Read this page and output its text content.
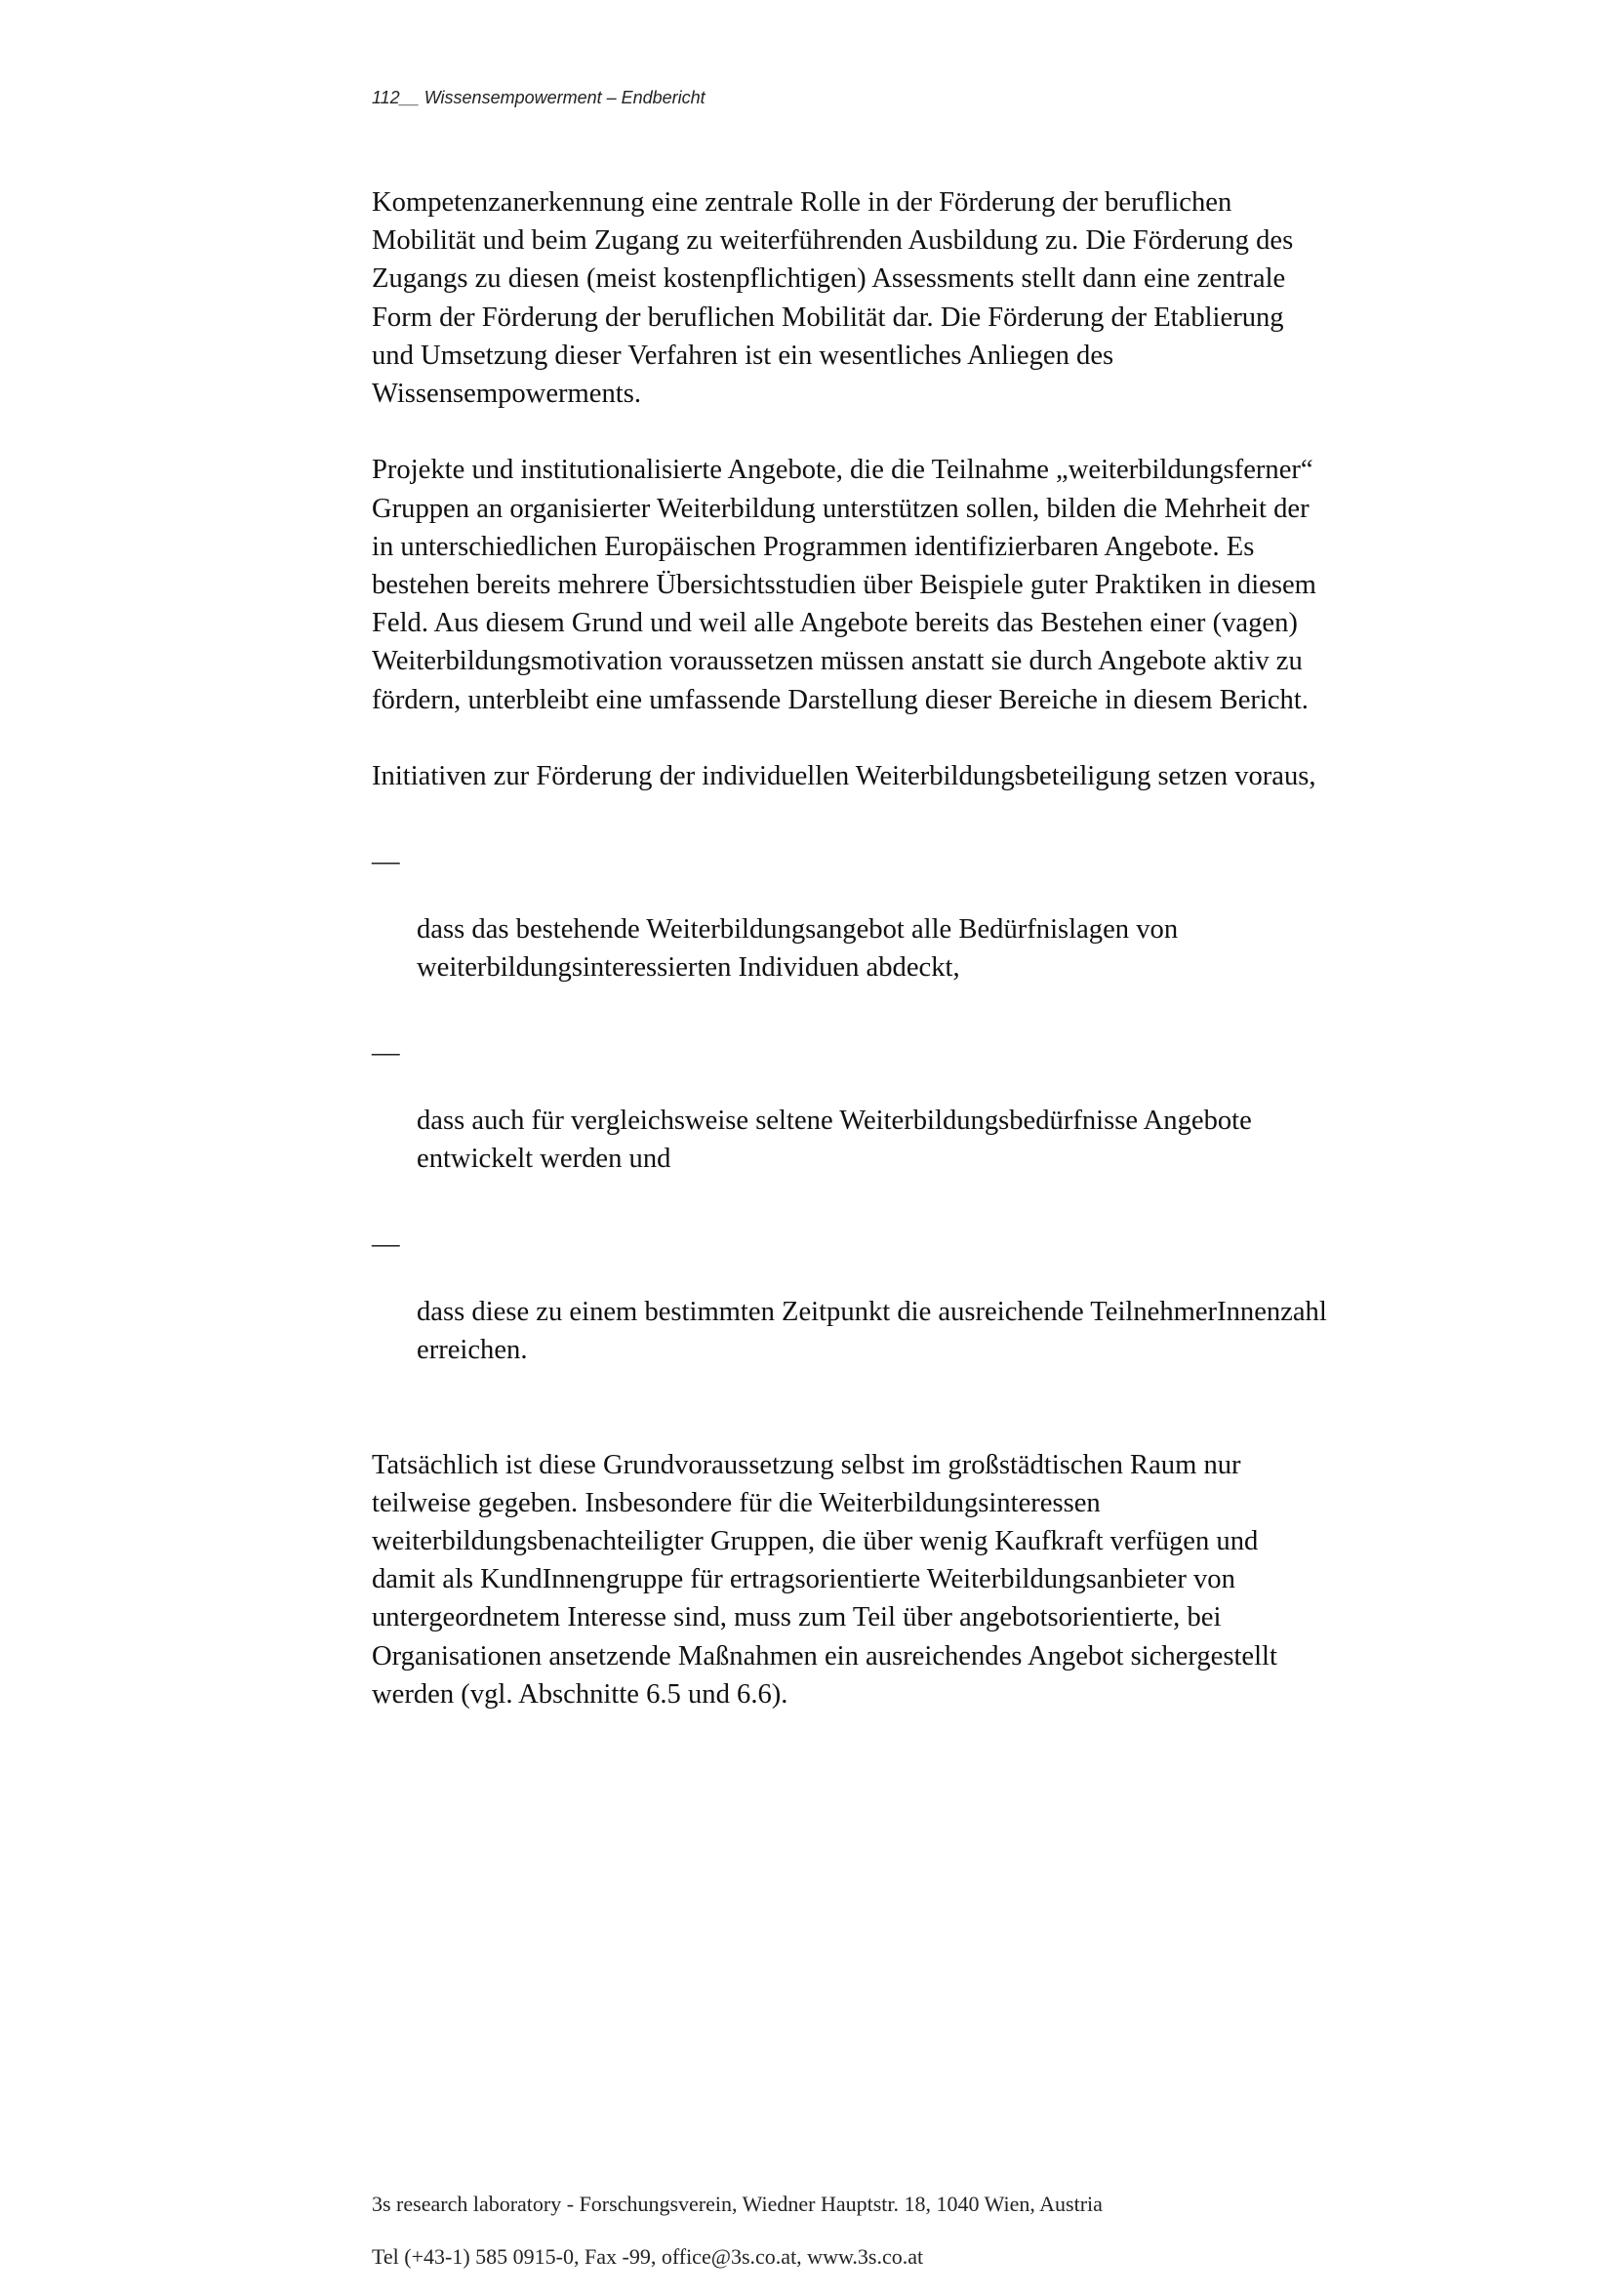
112__ Wissensempowerment – Endbericht

Kompetenzanerkennung eine zentrale Rolle in der Förderung der beruflichen
Mobilität und beim Zugang zu weiterführenden Ausbildung zu. Die Förderung des
Zugangs zu diesen (meist kostenpflichtigen) Assessments stellt dann eine zentrale
Form der Förderung der beruflichen Mobilität dar. Die Förderung der Etablierung
und Umsetzung dieser Verfahren ist ein wesentliches Anliegen des
Wissensempowerments.

Projekte und institutionalisierte Angebote, die die Teilnahme „weiterbildungsferner“
Gruppen an organisierter Weiterbildung unterstützen sollen, bilden die Mehrheit der
in unterschiedlichen Europäischen Programmen identifizierbaren Angebote. Es
bestehen bereits mehrere Übersichtsstudien über Beispiele guter Praktiken in diesem
Feld. Aus diesem Grund und weil alle Angebote bereits das Bestehen einer (vagen)
Weiterbildungsmotivation voraussetzen müssen anstatt sie durch Angebote aktiv zu
fördern, unterbleibt eine umfassende Darstellung dieser Bereiche in diesem Bericht.

Initiativen zur Förderung der individuellen Weiterbildungsbeteiligung setzen voraus,

__

dass das bestehende Weiterbildungsangebot alle Bedürfnislagen von
weiterbildungsinteressierten Individuen abdeckt,

__

dass auch für vergleichsweise seltene Weiterbildungsbedürfnisse Angebote
entwickelt werden und

__

dass diese zu einem bestimmten Zeitpunkt die ausreichende TeilnehmerInnenzahl
erreichen.

Tatsächlich ist diese Grundvoraussetzung selbst im großstädtischen Raum nur
teilweise gegeben. Insbesondere für die Weiterbildungsinteressen
weiterbildungsbenachteiligter Gruppen, die über wenig Kaufkraft verfügen und
damit als KundInnengruppe für ertragsorientierte Weiterbildungsanbieter von
untergeordnetem Interesse sind, muss zum Teil über angebotsorientierte, bei
Organisationen ansetzende Maßnahmen ein ausreichendes Angebot sichergestellt
werden (vgl. Abschnitte 6.5 und 6.6).

3s research laboratory - Forschungsverein, Wiedner Hauptstr. 18, 1040 Wien, Austria

Tel (+43-1) 585 0915-0, Fax -99, office@3s.co.at, www.3s.co.at
